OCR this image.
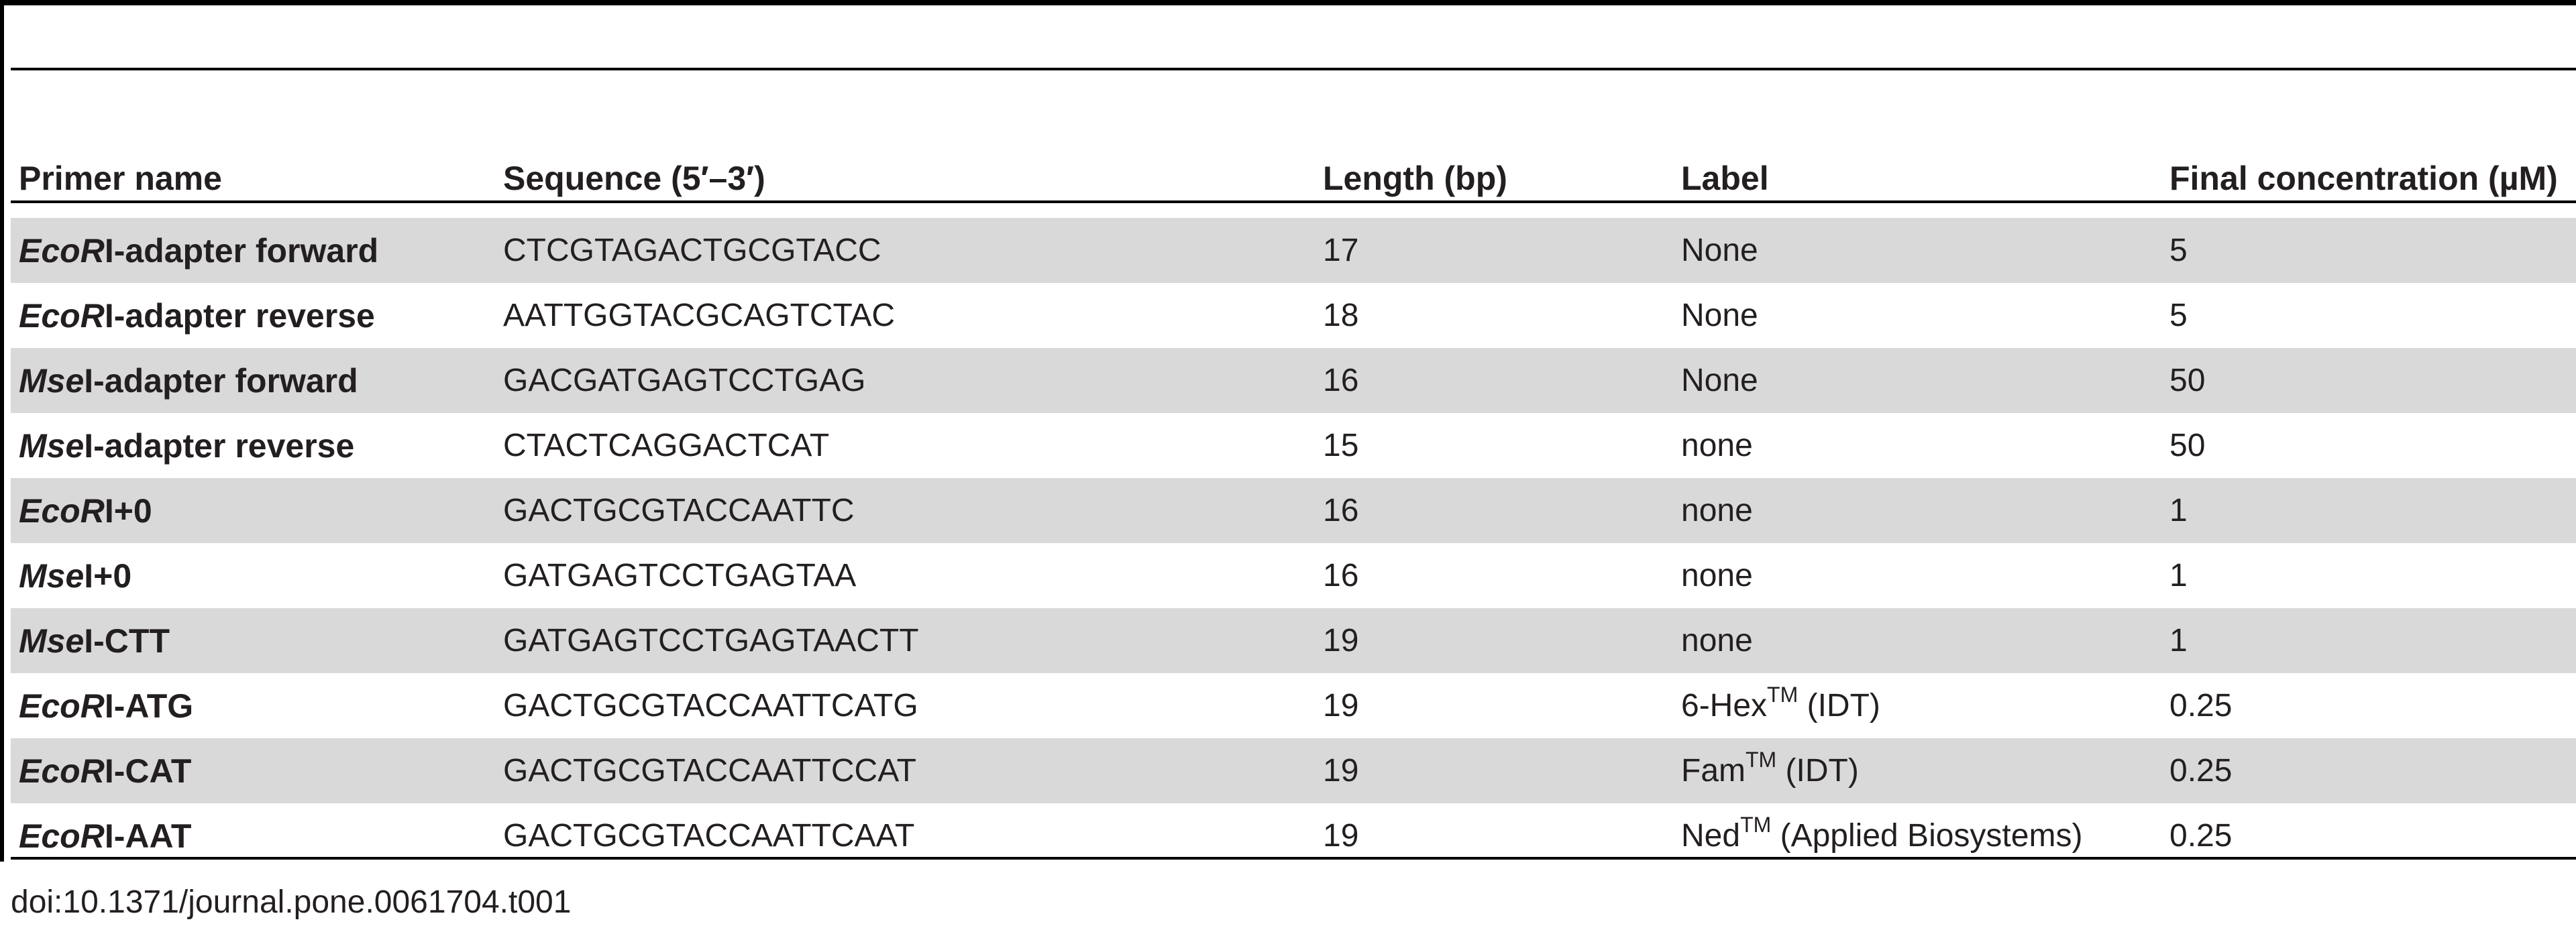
Primer name	Sequence (5′–3′)	Length (bp)	Label	Final concentration (µM)
EcoRI-adapter forward	CTCGTAGACTGCGTACC	17	None	5
EcoRI-adapter reverse	AATTGGTACGCAGTCTAC	18	None	5
MseI-adapter forward	GACGATGAGTCCTGAG	16	None	50
MseI-adapter reverse	CTACTCAGGACTCAT	15	none	50
EcoRI+0	GACTGCGTACCAATTC	16	none	1
MseI+0	GATGAGTCCTGAGTAA	16	none	1
MseI-CTT	GATGAGTCCTGAGTAACTT	19	none	1
EcoRI-ATG	GACTGCGTACCAATTCATG	19	6-Hex™ (IDT)	0.25
EcoRI-CAT	GACTGCGTACCAATTCCAT	19	Fam™ (IDT)	0.25
EcoRI-AAT	GACTGCGTACCAATTCAAT	19	Ned™ (Applied Biosystems)	0.25
doi:10.1371/journal.pone.0061704.t001
